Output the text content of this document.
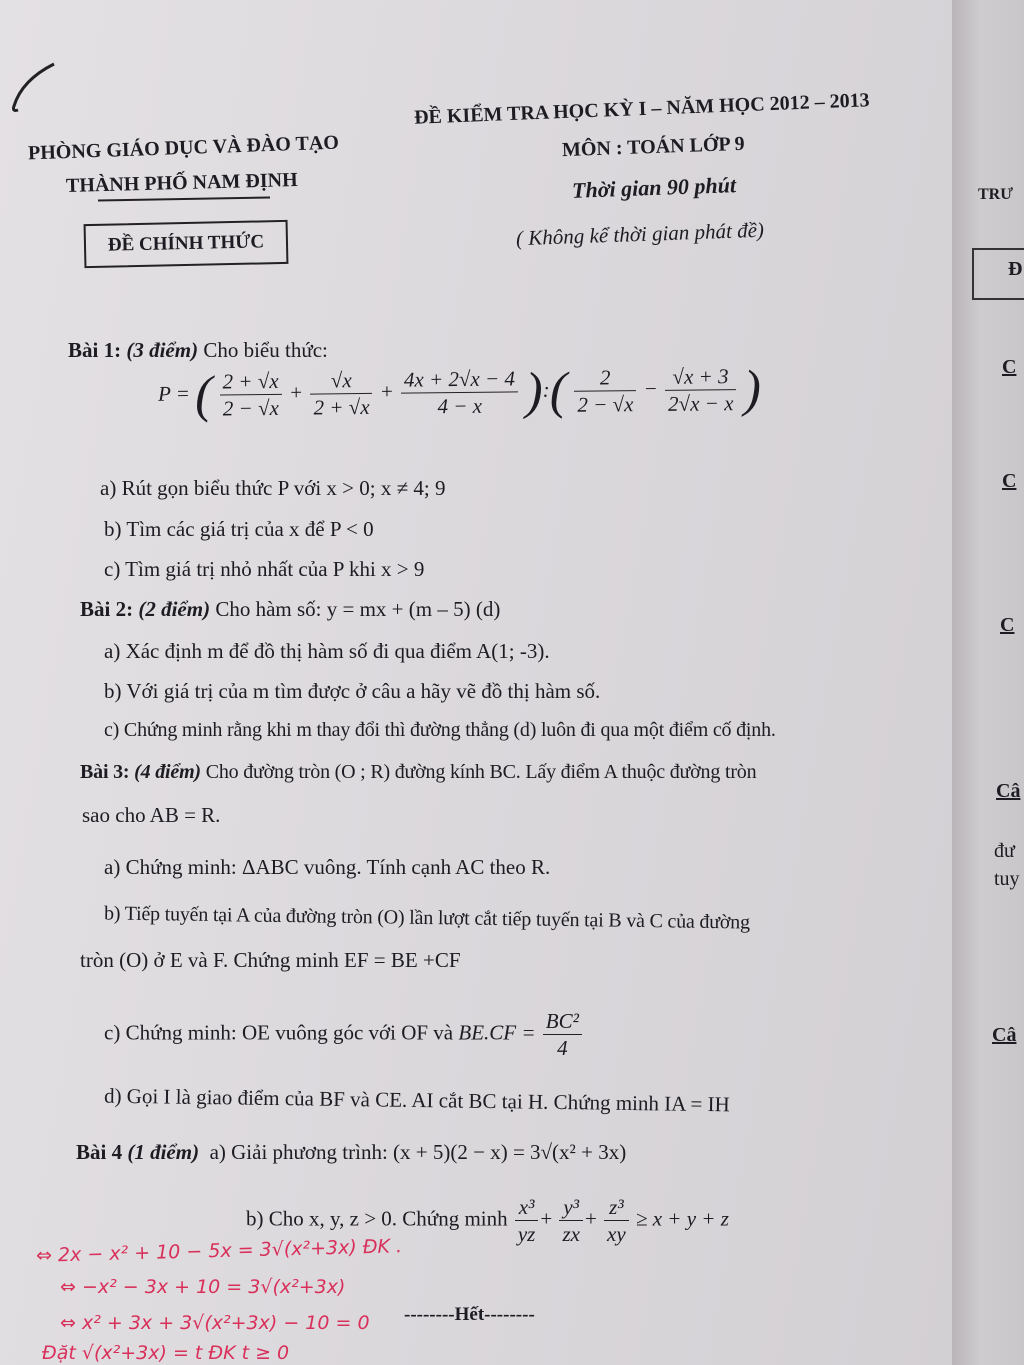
PHÒNG GIÁO DỤC VÀ ĐÀO TẠO
THÀNH PHỐ NAM ĐỊNH
ĐỀ CHÍNH THỨC
ĐỀ KIỂM TRA HỌC KỲ I – NĂM HỌC 2012 – 2013
MÔN : TOÁN LỚP 9
Thời gian 90 phút
( Không kể thời gian phát đề)
Bài 1: (3 điểm) Cho biểu thức:
P = ( $\frac{2 + √x}{2 - √x} + \frac{√x}{2 + √x} + \frac{4x + 2√x - 4}{4 - x}$ ):( $\frac{2}{2 - √x} - \frac{√x + 3}{2√x - x}$ )
a) Rút gọn biểu thức P với x > 0; x ≠ 4; 9
b) Tìm các giá trị của x để P < 0
c) Tìm giá trị nhỏ nhất của P khi x > 9
Bài 2: (2 điểm) Cho hàm số: y = mx + (m – 5) (d)
a) Xác định m để đồ thị hàm số đi qua điểm A(1; -3).
b) Với giá trị của m tìm được ở câu a hãy vẽ đồ thị hàm số.
c) Chứng minh rằng khi m thay đổi thì đường thẳng (d) luôn đi qua một điểm cố định.
Bài 3: (4 điểm) Cho đường tròn (O ; R) đường kính BC. Lấy điểm A thuộc đường tròn
sao cho AB = R.
a) Chứng minh: ΔABC vuông. Tính cạnh AC theo R.
b) Tiếp tuyến tại A của đường tròn (O) lần lượt cắt tiếp tuyến tại B và C của đường
tròn (O) ở E và F. Chứng minh EF = BE +CF
c) Chứng minh: OE vuông góc với OF và $BE.CF = \frac{\text{BC²}}{4}$
d) Gọi I là giao điểm của BF và CE. AI cắt BC tại H. Chứng minh IA = IH
Bài 4 (1 điểm) a) Giải phương trình: (x + 5)(2 − x) = 3√(x² + 3x)
b) Cho x, y, z > 0. Chứng minh $\frac{\text{x³}}{yz} + \frac{\text{y³}}{zx} + \frac{\text{z³}}{xy} \ge x + y + z$
--------Hết--------
⇔ 2x − x² + 10 − 5x = 3√(x²+3x) ĐK .
⇔ −x² − 3x + 10 = 3√(x²+3x)
⇔ x² + 3x + 3√(x²+3x) − 10 = 0
Đặt √(x²+3x) = t ĐK t ≥ 0
TRƯ
Đ
C
C
C
Câ
đư
tuy
Câ
